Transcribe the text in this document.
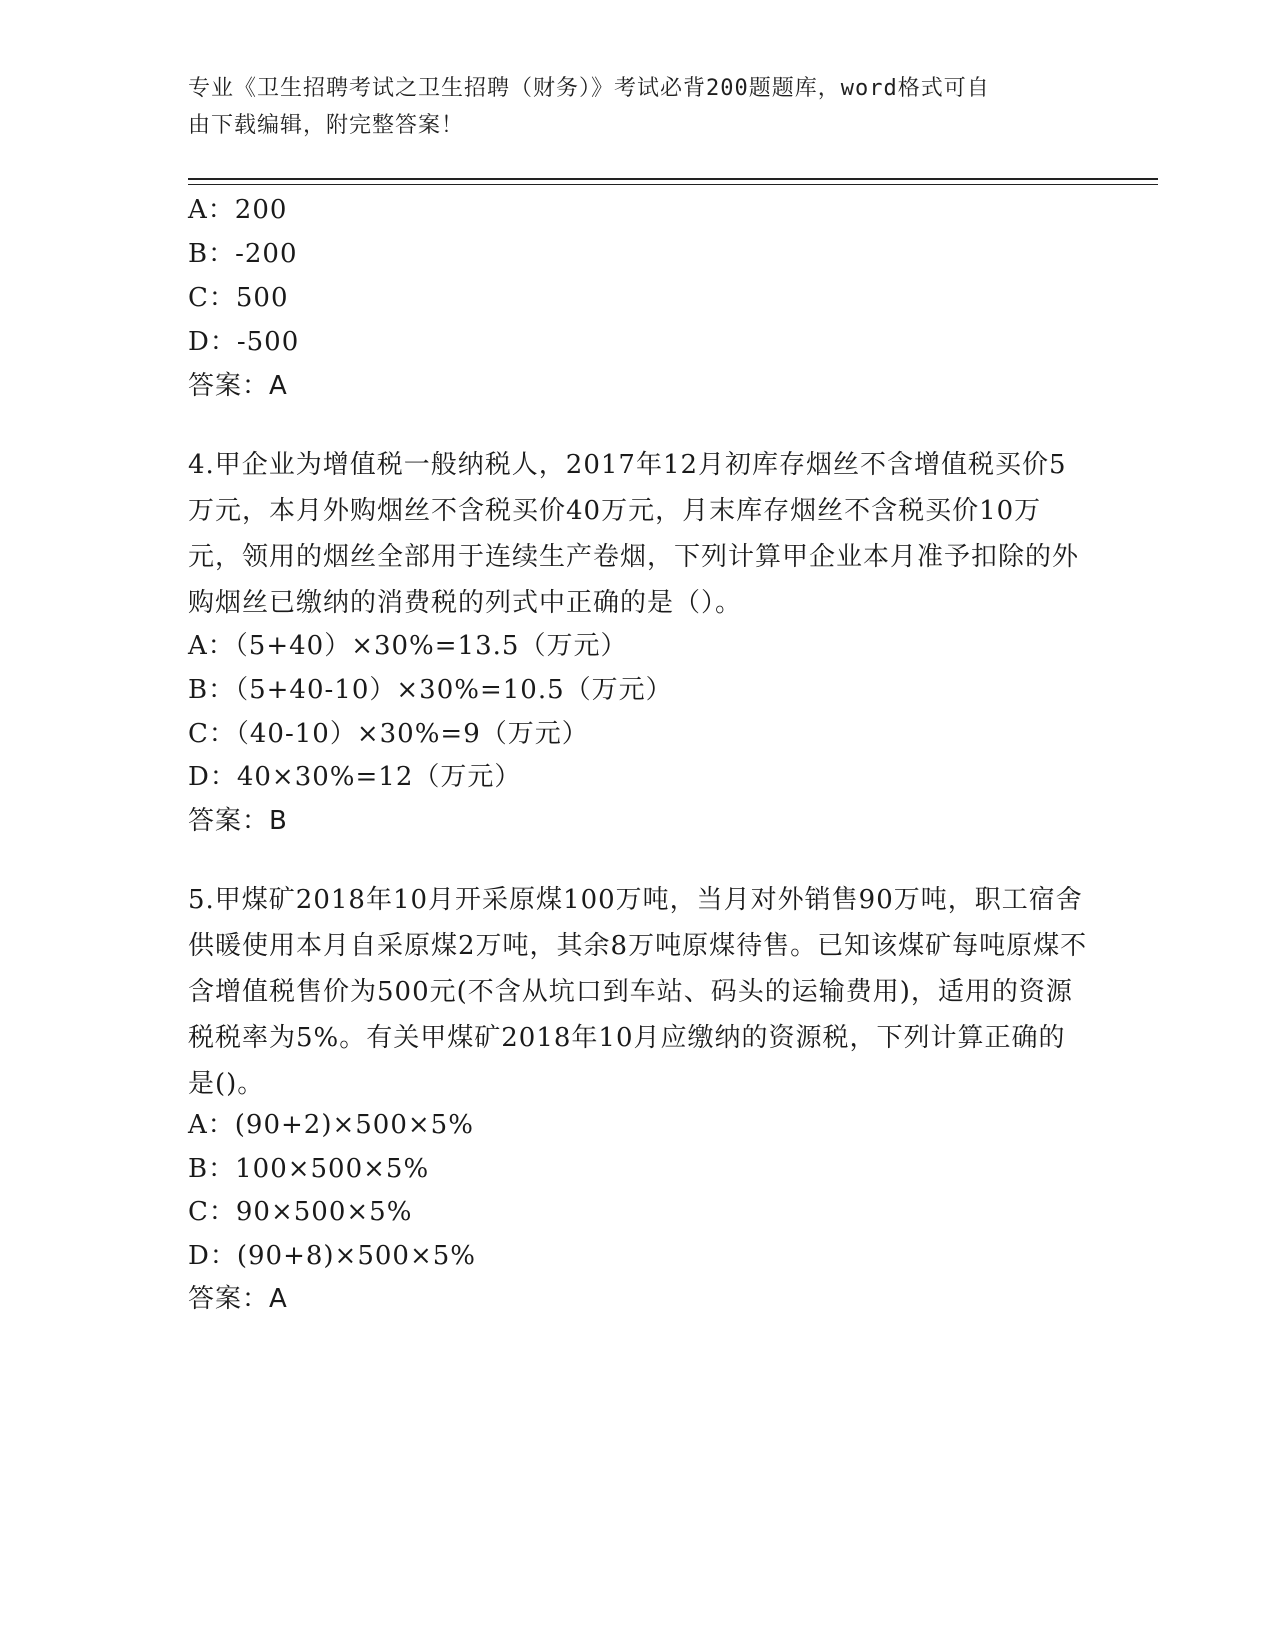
专业《卫生招聘考试之卫生招聘（财务）》考试必背200题题库，word格式可自
由下载编辑，附完整答案！
A：200
B：-200
C：500
D：-500
答案：A
4.甲企业为增值税一般纳税人，2017年12月初库存烟丝不含增值税买价5万元，本月外购烟丝不含税买价40万元，月末库存烟丝不含税买价10万元，领用的烟丝全部用于连续生产卷烟，下列计算甲企业本月准予扣除的外购烟丝已缴纳的消费税的列式中正确的是（）。
A：（5+40）×30%=13.5（万元）
B：（5+40-10）×30%=10.5（万元）
C：（40-10）×30%=9（万元）
D：40×30%=12（万元）
答案：B
5.甲煤矿2018年10月开采原煤100万吨，当月对外销售90万吨，职工宿舍供暖使用本月自采原煤2万吨，其余8万吨原煤待售。已知该煤矿每吨原煤不含增值税售价为500元(不含从坑口到车站、码头的运输费用)，适用的资源税税率为5%。有关甲煤矿2018年10月应缴纳的资源税，下列计算正确的是()。
A：(90+2)×500×5%
B：100×500×5%
C：90×500×5%
D：(90+8)×500×5%
答案：A
